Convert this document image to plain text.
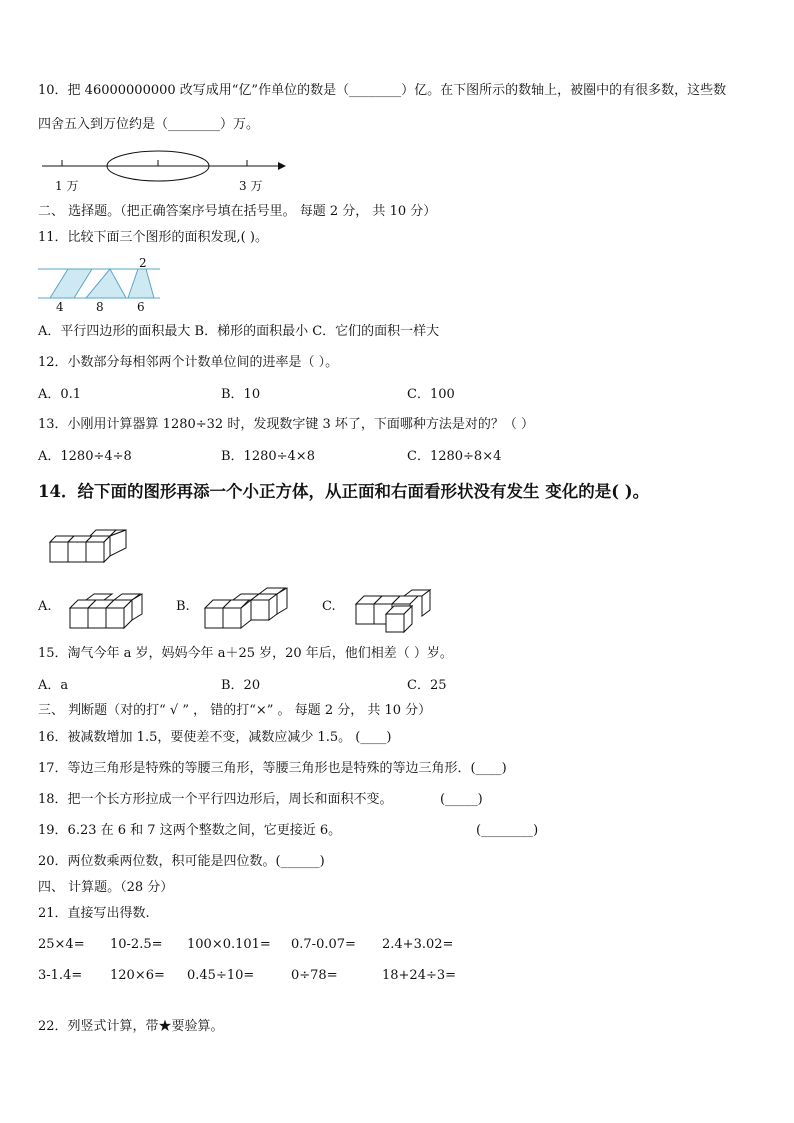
10．把 46000000000 改写成用“亿”作单位的数是（________）亿。在下图所示的数轴上，被圈中的有很多数，这些数
四舍五入到万位约是（________）万。
1 万	3 万
二、 选择题。（把正确答案序号填在括号里。 每题 2 分， 共 10 分）
11．比较下面三个图形的面积发现,( )。
2
4	8	6
A．平行四边形的面积最大 B．梯形的面积最小 C．它们的面积一样大
12．小数部分每相邻两个计数单位间的进率是（ ）。
A．0.1	B．10	C．100
13．小刚用计算器算 1280÷32 时，发现数字键 3 坏了，下面哪种方法是对的？（ ）
A．1280÷4÷8	B．1280÷4×8	C．1280÷8×4
14．给下面的图形再添一个小正方体，从正面和右面看形状没有发生 变化的是( )。
A.	B.	C.
15．淘气今年 a 岁，妈妈今年 a＋25 岁，20 年后，他们相差（ ）岁。
A．a	B．20	C．25
三、 判断题（对的打“ √ ” ， 错的打“×” 。 每题 2 分， 共 10 分）
16．被减数增加 1.5，要使差不变，减数应减少 1.5。 (____)
17．等边三角形是特殊的等腰三角形，等腰三角形也是特殊的等边三角形．(____)
18．把一个长方形拉成一个平行四边形后，周长和面积不变。	(_____)
19．6.23 在 6 和 7 这两个整数之间，它更接近 6。	(________)
20．两位数乘两位数，积可能是四位数。(______)
四、 计算题。（28 分）
21．直接写出得数.
25×4= 10-2.5= 100×0.101= 0.7-0.07= 2.4+3.02=
3-1.4= 120×6= 0.45÷10=	0÷78=	18+24÷3=
22．列竖式计算，带★要验算。
